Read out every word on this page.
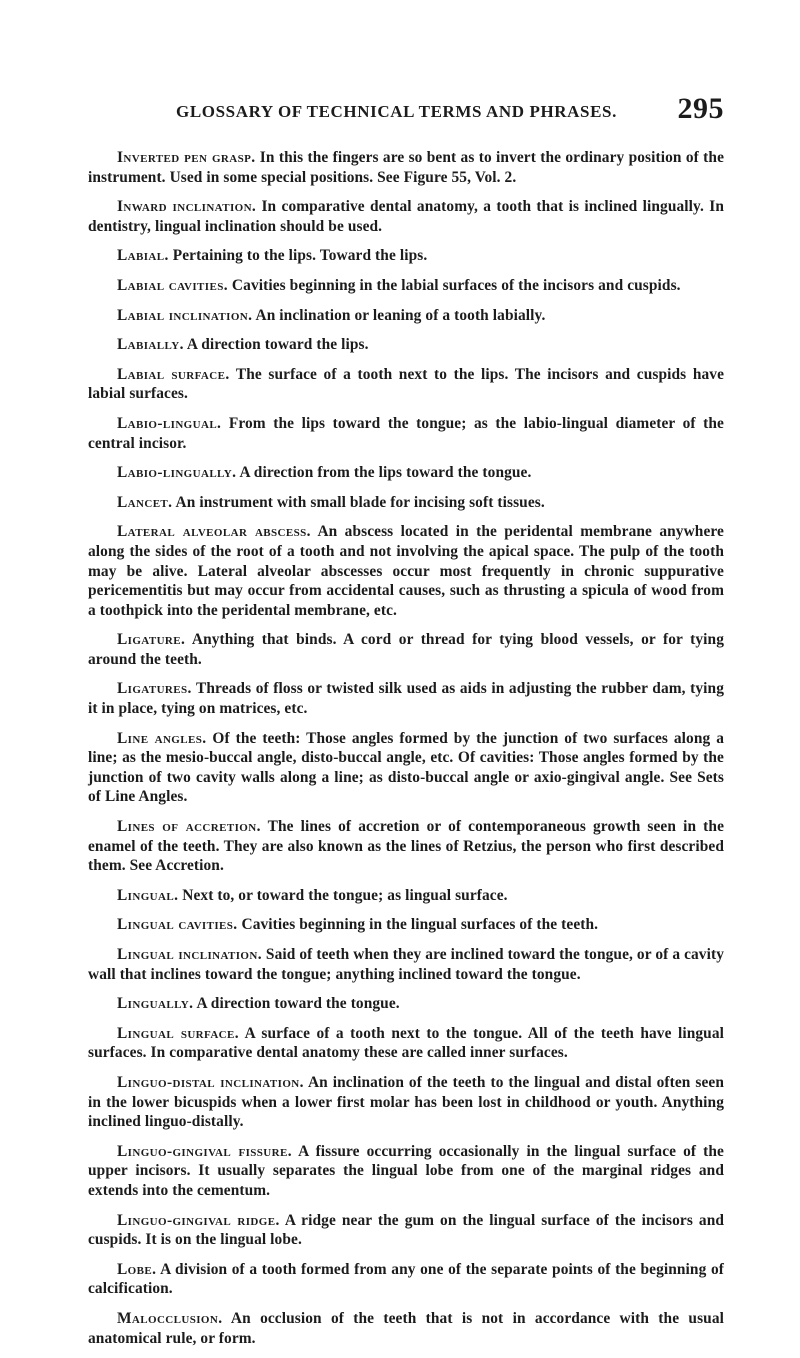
GLOSSARY OF TECHNICAL TERMS AND PHRASES. 295

Inverted pen grasp. In this the fingers are so bent as to invert the ordinary position of the instrument. Used in some special positions. See Figure 55, Vol. 2.

Inward inclination. In comparative dental anatomy, a tooth that is inclined lingually. In dentistry, lingual inclination should be used.

Labial. Pertaining to the lips. Toward the lips.

Labial cavities. Cavities beginning in the labial surfaces of the incisors and cuspids.

Labial inclination. An inclination or leaning of a tooth labially.

Labially. A direction toward the lips.

Labial surface. The surface of a tooth next to the lips. The incisors and cuspids have labial surfaces.

Labio-lingual. From the lips toward the tongue; as the labio-lingual diameter of the central incisor.

Labio-lingually. A direction from the lips toward the tongue.

Lancet. An instrument with small blade for incising soft tissues.

Lateral alveolar abscess. An abscess located in the peridental membrane anywhere along the sides of the root of a tooth and not involving the apical space. The pulp of the tooth may be alive. Lateral alveolar abscesses occur most frequently in chronic suppurative pericementitis but may occur from accidental causes, such as thrusting a spicula of wood from a toothpick into the peridental membrane, etc.

Ligature. Anything that binds. A cord or thread for tying blood vessels, or for tying around the teeth.

Ligatures. Threads of floss or twisted silk used as aids in adjusting the rubber dam, tying it in place, tying on matrices, etc.

Line angles. Of the teeth: Those angles formed by the junction of two surfaces along a line; as the mesio-buccal angle, disto-buccal angle, etc. Of cavities: Those angles formed by the junction of two cavity walls along a line; as disto-buccal angle or axio-gingival angle. See Sets of Line Angles.

Lines of accretion. The lines of accretion or of contemporaneous growth seen in the enamel of the teeth. They are also known as the lines of Retzius, the person who first described them. See Accretion.

Lingual. Next to, or toward the tongue; as lingual surface.

Lingual cavities. Cavities beginning in the lingual surfaces of the teeth.

Lingual inclination. Said of teeth when they are inclined toward the tongue, or of a cavity wall that inclines toward the tongue; anything inclined toward the tongue.

Lingually. A direction toward the tongue.

Lingual surface. A surface of a tooth next to the tongue. All of the teeth have lingual surfaces. In comparative dental anatomy these are called inner surfaces.

Linguo-distal inclination. An inclination of the teeth to the lingual and distal often seen in the lower bicuspids when a lower first molar has been lost in childhood or youth. Anything inclined linguo-distally.

Linguo-gingival fissure. A fissure occurring occasionally in the lingual surface of the upper incisors. It usually separates the lingual lobe from one of the marginal ridges and extends into the cementum.

Linguo-gingival ridge. A ridge near the gum on the lingual surface of the incisors and cuspids. It is on the lingual lobe.

Lobe. A division of a tooth formed from any one of the separate points of the beginning of calcification.

Malocclusion. An occlusion of the teeth that is not in accordance with the usual anatomical rule, or form.
